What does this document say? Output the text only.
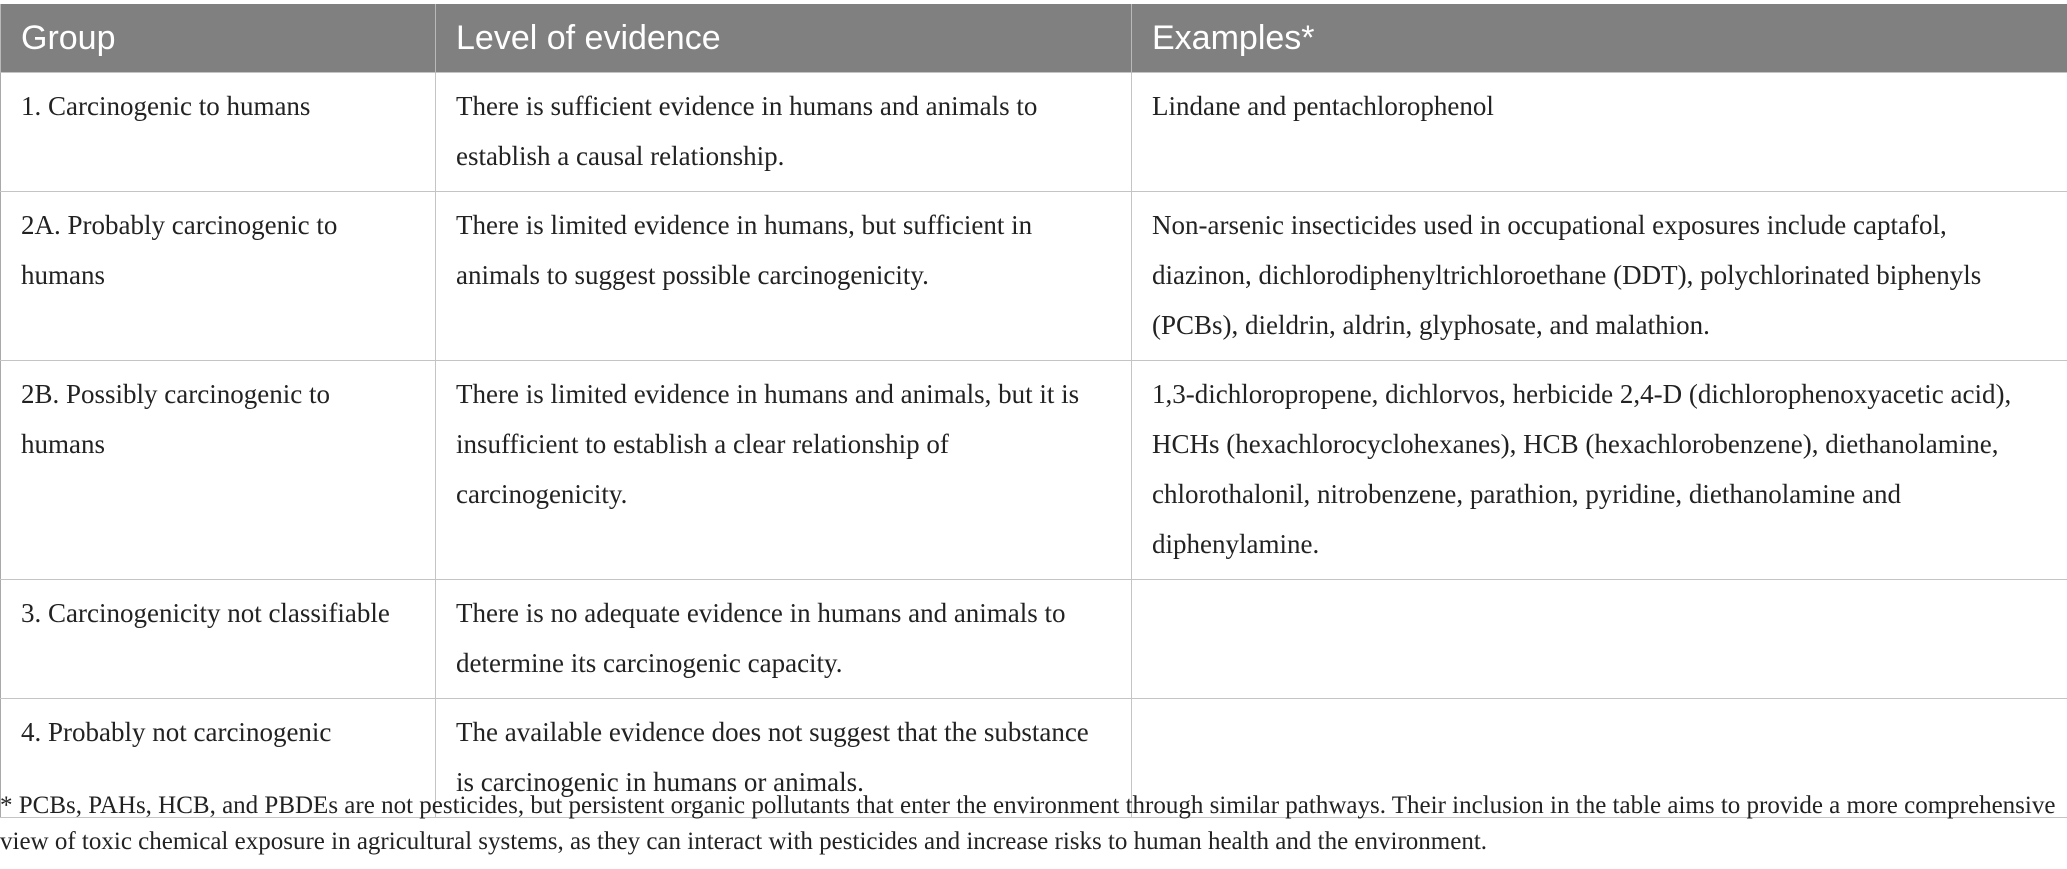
Group	Level of evidence	Examples*
1. Carcinogenic to humans	There is sufficient evidence in humans and animals to establish a causal relationship.	Lindane and pentachlorophenol
2A. Probably carcinogenic to humans	There is limited evidence in humans, but sufficient in animals to suggest possible carcinogenicity.	Non-arsenic insecticides used in occupational exposures include captafol, diazinon, dichlorodiphenyltrichloroethane (DDT), polychlorinated biphenyls (PCBs), dieldrin, aldrin, glyphosate, and malathion.
2B. Possibly carcinogenic to humans	There is limited evidence in humans and animals, but it is insufficient to establish a clear relationship of carcinogenicity.	1,3-dichloropropene, dichlorvos, herbicide 2,4-D (dichlorophenoxyacetic acid), HCHs (hexachlorocyclohexanes), HCB (hexachlorobenzene), diethanolamine, chlorothalonil, nitrobenzene, parathion, pyridine, diethanolamine and diphenylamine.
3. Carcinogenicity not classifiable	There is no adequate evidence in humans and animals to determine its carcinogenic capacity.	
4. Probably not carcinogenic	The available evidence does not suggest that the substance is carcinogenic in humans or animals.	

* PCBs, PAHs, HCB, and PBDEs are not pesticides, but persistent organic pollutants that enter the environment through similar pathways. Their inclusion in the table aims to provide a more comprehensive view of toxic chemical exposure in agricultural systems, as they can interact with pesticides and increase risks to human health and the environment.
